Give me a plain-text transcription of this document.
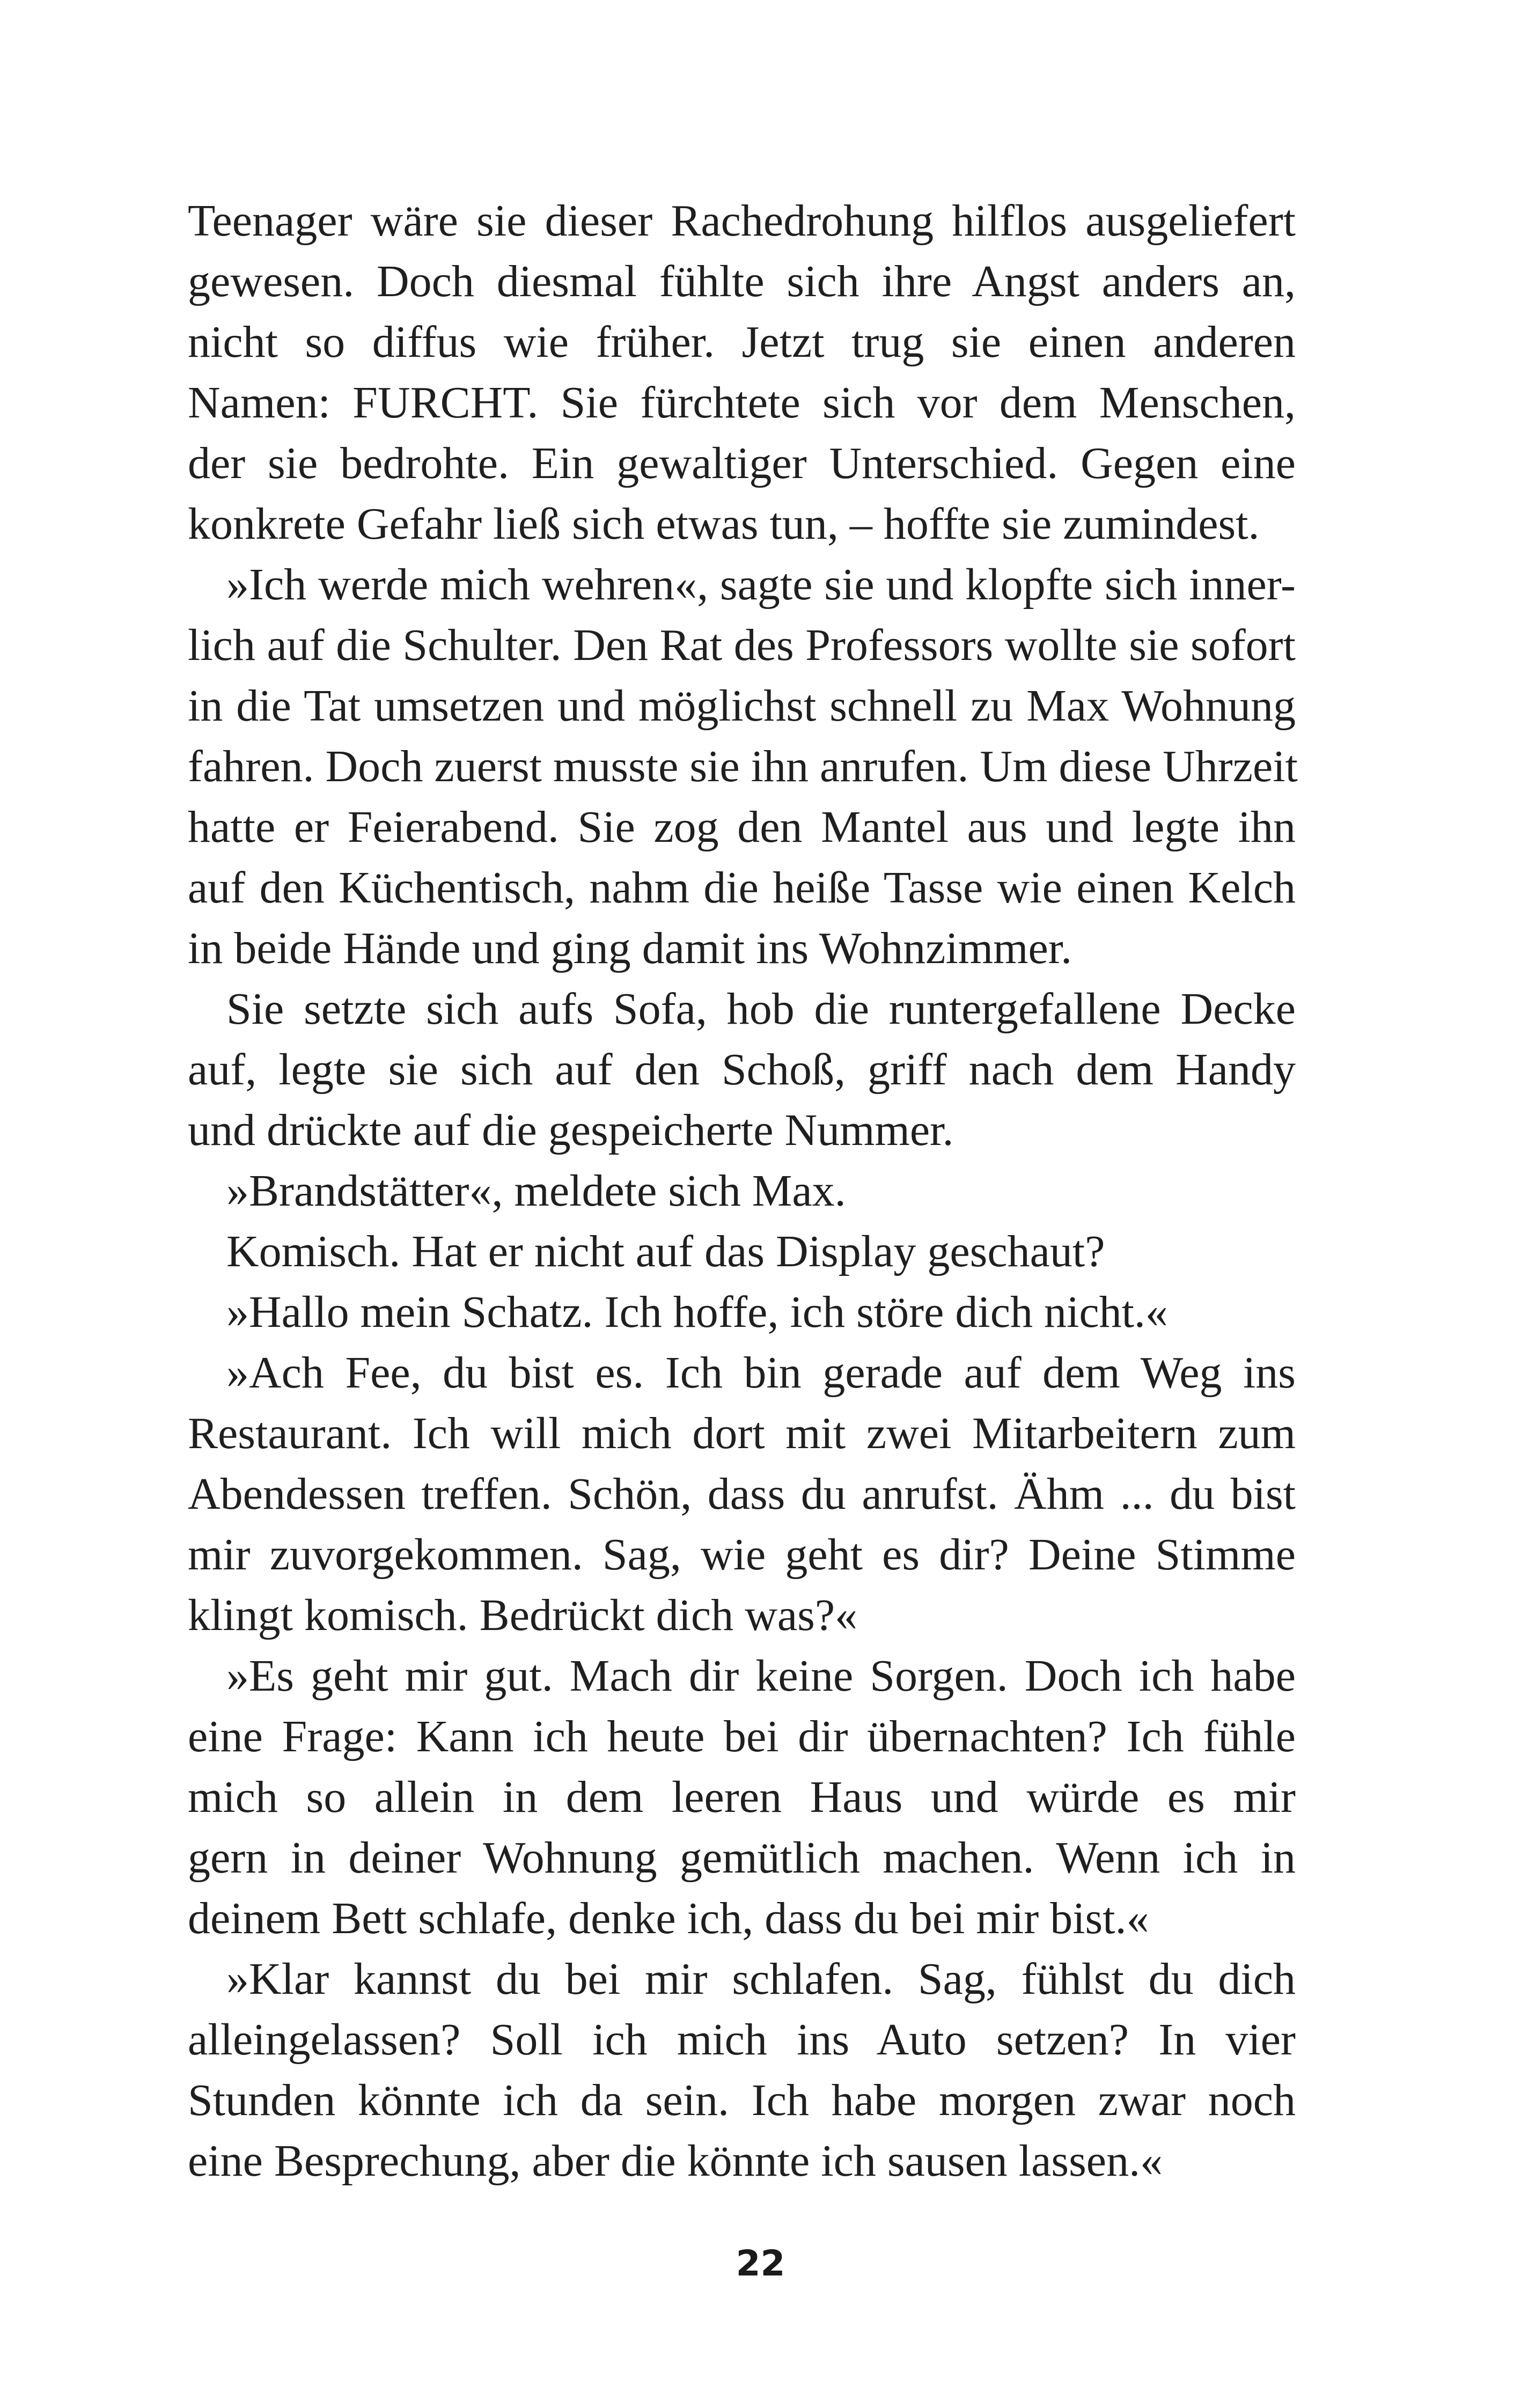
Teenager wäre sie dieser Rachedrohung hilflos ausgeliefert
gewesen. Doch diesmal fühlte sich ihre Angst anders an,
nicht so diffus wie früher. Jetzt trug sie einen anderen
Namen: FURCHT. Sie fürchtete sich vor dem Menschen,
der sie bedrohte. Ein gewaltiger Unterschied. Gegen eine
konkrete Gefahr ließ sich etwas tun, – hoffte sie zumindest.
»Ich werde mich wehren«, sagte sie und klopfte sich inner-
lich auf die Schulter. Den Rat des Professors wollte sie sofort
in die Tat umsetzen und möglichst schnell zu Max Wohnung
fahren. Doch zuerst musste sie ihn anrufen. Um diese Uhrzeit
hatte er Feierabend. Sie zog den Mantel aus und legte ihn
auf den Küchentisch, nahm die heiße Tasse wie einen Kelch
in beide Hände und ging damit ins Wohnzimmer.
Sie setzte sich aufs Sofa, hob die runtergefallene Decke
auf, legte sie sich auf den Schoß, griff nach dem Handy
und drückte auf die gespeicherte Nummer.
»Brandstätter«, meldete sich Max.
Komisch. Hat er nicht auf das Display geschaut?
»Hallo mein Schatz. Ich hoffe, ich störe dich nicht.«
»Ach Fee, du bist es. Ich bin gerade auf dem Weg ins
Restaurant. Ich will mich dort mit zwei Mitarbeitern zum
Abendessen treffen. Schön, dass du anrufst. Ähm ... du bist
mir zuvorgekommen. Sag, wie geht es dir? Deine Stimme
klingt komisch. Bedrückt dich was?«
»Es geht mir gut. Mach dir keine Sorgen. Doch ich habe
eine Frage: Kann ich heute bei dir übernachten? Ich fühle
mich so allein in dem leeren Haus und würde es mir
gern in deiner Wohnung gemütlich machen. Wenn ich in
deinem Bett schlafe, denke ich, dass du bei mir bist.«
»Klar kannst du bei mir schlafen. Sag, fühlst du dich
alleingelassen? Soll ich mich ins Auto setzen? In vier
Stunden könnte ich da sein. Ich habe morgen zwar noch
eine Besprechung, aber die könnte ich sausen lassen.«
22
